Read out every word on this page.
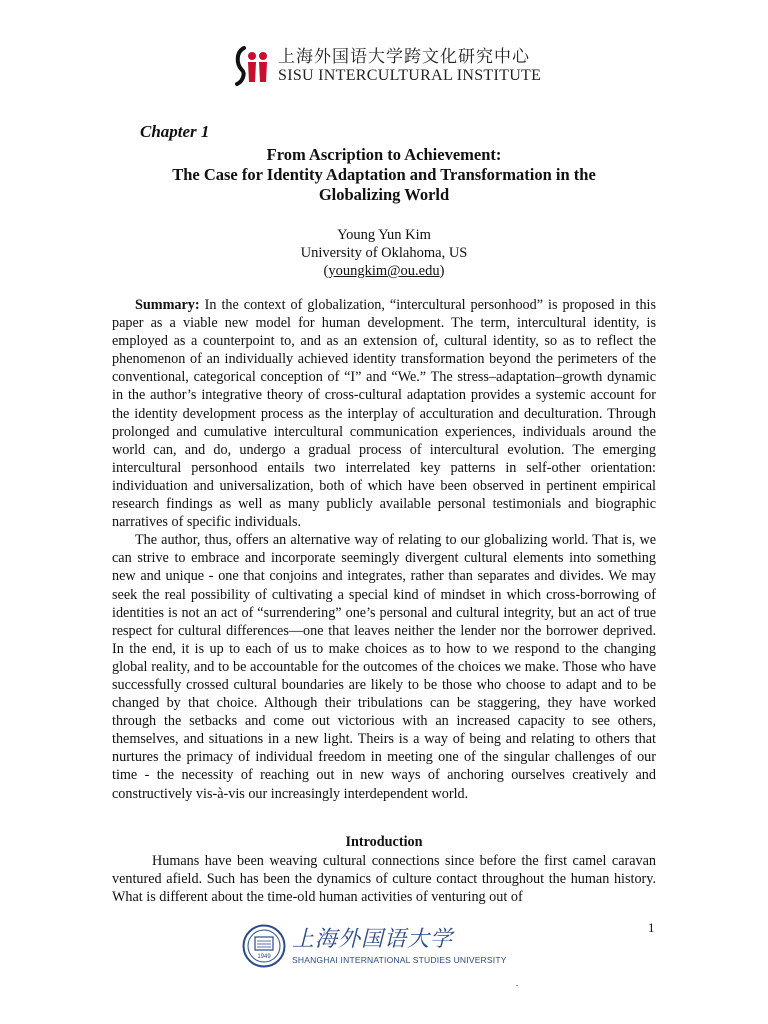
上海外国语大学跨文化研究中心
SISU INTERCULTURAL INSTITUTE
Chapter 1
From Ascription to Achievement:
The Case for Identity Adaptation and Transformation in the
Globalizing World
Young Yun Kim
University of Oklahoma, US
(youngkim@ou.edu)

Summary: In the context of globalization, “intercultural personhood” is proposed in this paper as a viable new model for human development. The term, intercultural identity, is employed as a counterpoint to, and as an extension of, cultural identity, so as to reflect the phenomenon of an individually achieved identity transformation beyond the perimeters of the conventional, categorical conception of “I” and “We.” The stress–adaptation–growth dynamic in the author’s integrative theory of cross-cultural adaptation provides a systemic account for the identity development process as the interplay of acculturation and deculturation. Through prolonged and cumulative intercultural communication experiences, individuals around the world can, and do, undergo a gradual process of intercultural evolution. The emerging intercultural personhood entails two interrelated key patterns in self-other orientation: individuation and universalization, both of which have been observed in pertinent empirical research findings as well as many publicly available personal testimonials and biographic narratives of specific individuals.

The author, thus, offers an alternative way of relating to our globalizing world. That is, we can strive to embrace and incorporate seemingly divergent cultural elements into something new and unique - one that conjoins and integrates, rather than separates and divides. We may seek the real possibility of cultivating a special kind of mindset in which cross-borrowing of identities is not an act of “surrendering” one’s personal and cultural integrity, but an act of true respect for cultural differences—one that leaves neither the lender nor the borrower deprived. In the end, it is up to each of us to make choices as to how to we respond to the changing global reality, and to be accountable for the outcomes of the choices we make. Those who have successfully crossed cultural boundaries are likely to be those who choose to adapt and to be changed by that choice. Although their tribulations can be staggering, they have worked through the setbacks and come out victorious with an increased capacity to see others, themselves, and situations in a new light. Theirs is a way of being and relating to others that nurtures the primacy of individual freedom in meeting one of the singular challenges of our time - the necessity of reaching out in new ways of anchoring ourselves creatively and constructively vis-à-vis our increasingly interdependent world.

Introduction

Humans have been weaving cultural connections since before the first camel caravan ventured afield. Such has been the dynamics of culture contact throughout the human history. What is different about the time-old human activities of venturing out of

1
1949
上海外国语大学
SHANGHAI INTERNATIONAL STUDIES UNIVERSITY
.
